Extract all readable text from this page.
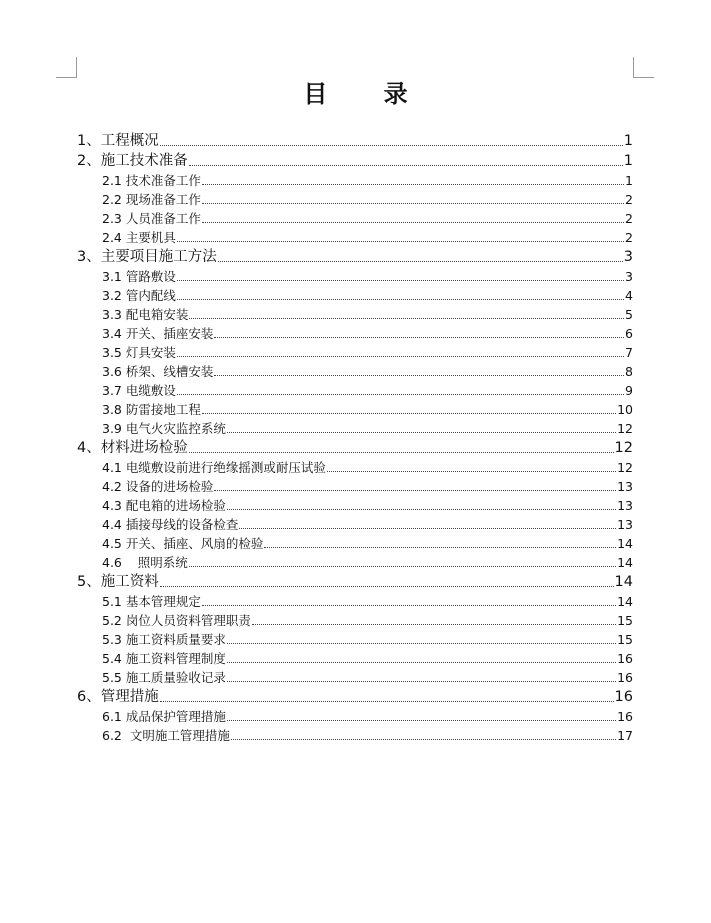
目 录
1、工程概况	1
2、施工技术准备	1
2.1 技术准备工作	1
2.2 现场准备工作	2
2.3 人员准备工作	2
2.4 主要机具	2
3、主要项目施工方法	3
3.1 管路敷设	3
3.2 管内配线	4
3.3 配电箱安装	5
3.4 开关、插座安装	6
3.5 灯具安装	7
3.6 桥架、线槽安装	8
3.7 电缆敷设	9
3.8 防雷接地工程	10
3.9 电气火灾监控系统	12
4、材料进场检验	12
4.1 电缆敷设前进行绝缘摇测或耐压试验	12
4.2 设备的进场检验	13
4.3 配电箱的进场检验	13
4.4 插接母线的设备检查	13
4.5 开关、插座、风扇的检验	14
4.6    照明系统	14
5、施工资料	14
5.1 基本管理规定	14
5.2 岗位人员资料管理职责	15
5.3 施工资料质量要求	15
5.4 施工资料管理制度	16
5.5 施工质量验收记录	16
6、管理措施	16
6.1 成品保护管理措施	16
6.2  文明施工管理措施	17
